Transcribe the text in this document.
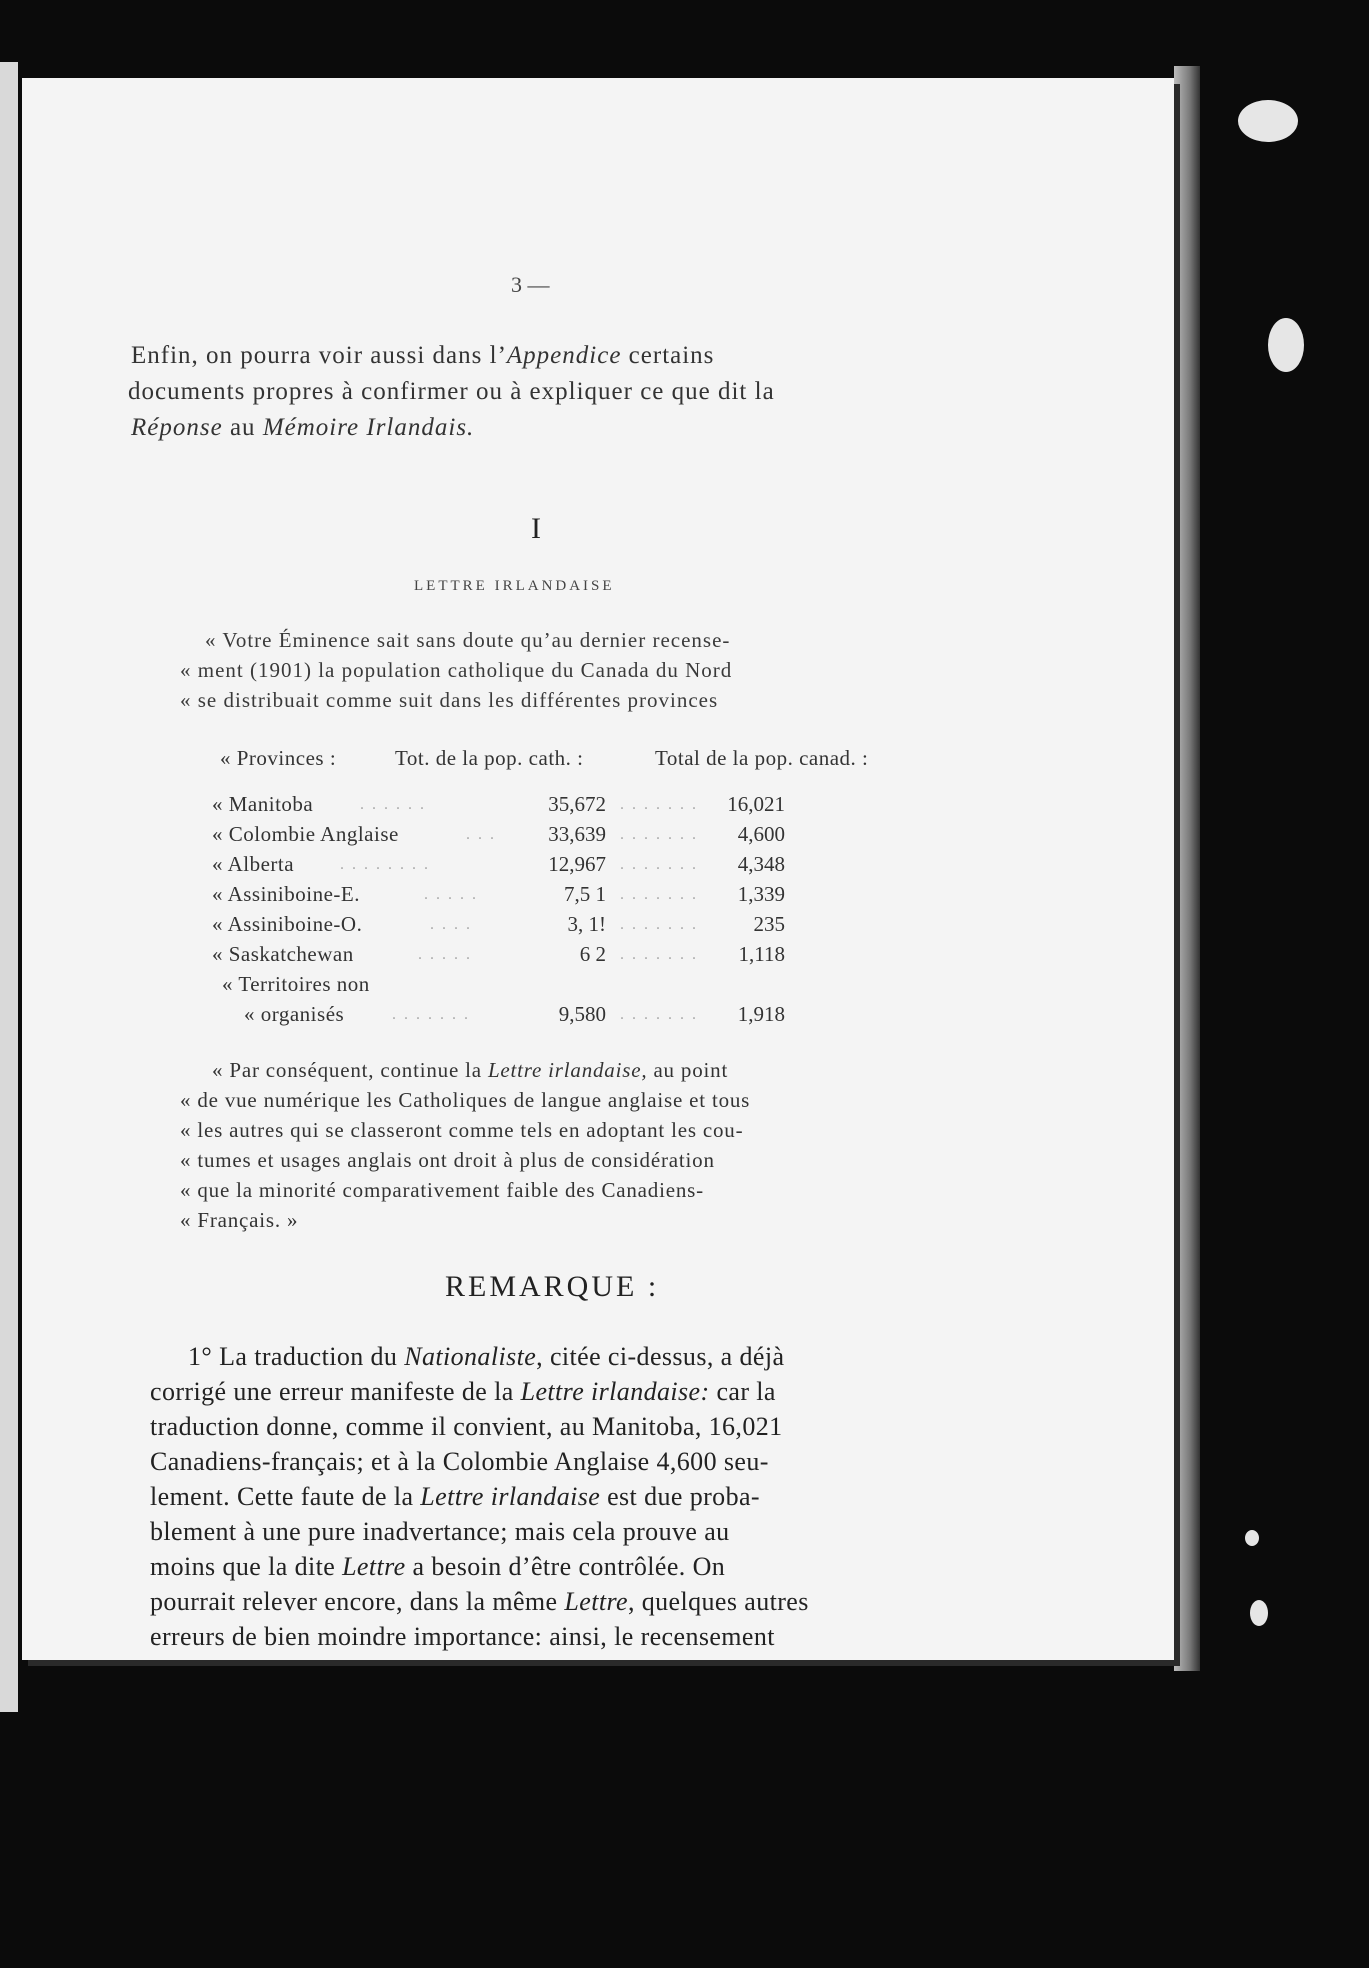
3 —
Enfin, on pourra voir aussi dans l’Appendice certains
documents propres à confirmer ou à expliquer ce que dit la
Réponse au Mémoire Irlandais.
I
LETTRE IRLANDAISE
« Votre Éminence sait sans doute qu’au dernier recense-
« ment (1901) la population catholique du Canada du Nord
« se distribuait comme suit dans les différentes provinces
« Provinces :	Tot. de la pop. cath. :	Total de la pop. canad. :
« Manitoba	. . . . . .	35,672 . . . . . . .	16,021
« Colombie Anglaise	. . .	33,639 . . . . . . .	4,600
« Alberta	. . . . . . . .	12,967 . . . . . . .	4,348
« Assiniboine-E.	. . . . .	7,5 1 . . . . . . .	1,339
« Assiniboine-O.	. . . .	3, 1! . . . . . . .	235
« Saskatchewan	. . . . .	6 2 . . . . . . .	1,118
« Territoires non
« organisés	. . . . . . .	9,580 . . . . . . .	1,918
« Par conséquent, continue la Lettre irlandaise, au point
« de vue numérique les Catholiques de langue anglaise et tous
« les autres qui se classeront comme tels en adoptant les cou-
« tumes et usages anglais ont droit à plus de considération
« que la minorité comparativement faible des Canadiens-
« Français. »
REMARQUE :
1° La traduction du Nationaliste, citée ci-dessus, a déjà
corrigé une erreur manifeste de la Lettre irlandaise: car la
traduction donne, comme il convient, au Manitoba, 16,021
Canadiens-français; et à la Colombie Anglaise 4,600 seu-
lement. Cette faute de la Lettre irlandaise est due proba-
blement à une pure inadvertance; mais cela prouve au
moins que la dite Lettre a besoin d’être contrôlée. On
pourrait relever encore, dans la même Lettre, quelques autres
erreurs de bien moindre importance: ainsi, le recensement
